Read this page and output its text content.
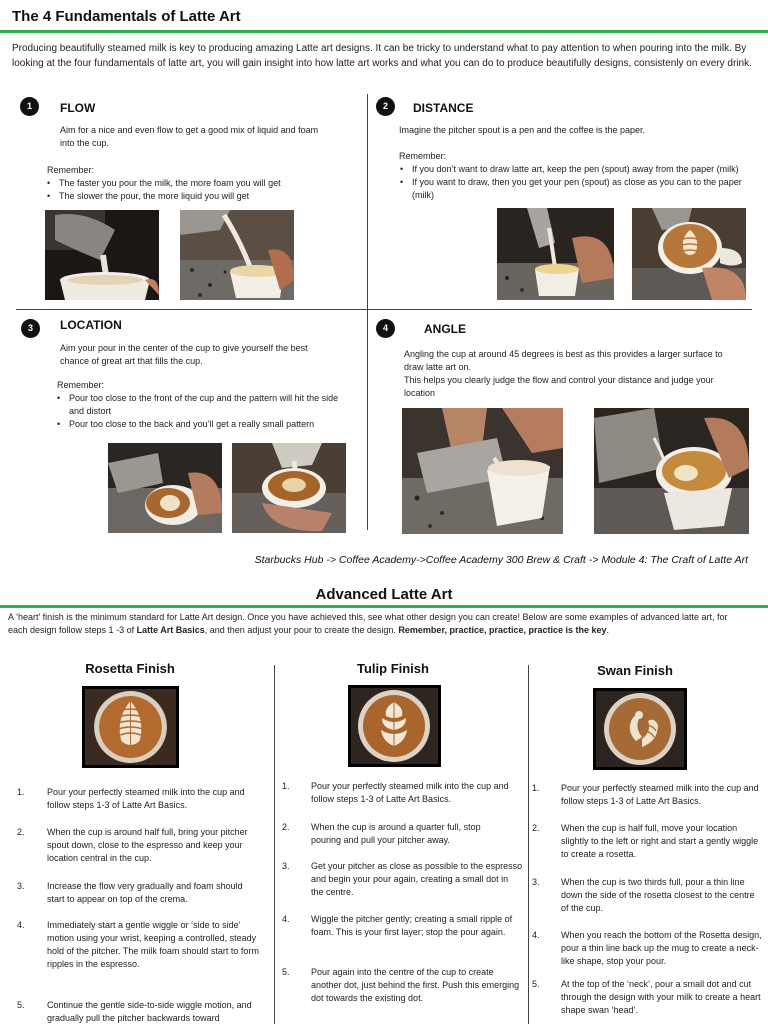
The 4 Fundamentals of Latte Art
Producing beautifully steamed milk is key to producing amazing Latte art designs. It can be tricky to understand what to pay attention to when pouring into the milk. By looking at the four fundamentals of latte art, you will gain insight into how latte art works and what you can do to produce beautifully designs, consistenly on every drink.
1	FLOW
Aim for a nice and even flow to get a good mix of liquid and foam into the cup.
Remember:
• The faster you pour the milk, the more foam you will get
• The slower the pour, the more liquid you will get
2	DISTANCE
Imagine the pitcher spout is a pen and the coffee is the paper.
Remember:
• If you don’t want to draw latte art, keep the pen (spout) away from the paper (milk)
• If you want to draw, then you get your pen (spout) as close as you can to the paper (milk)
3	LOCATION
Aim your pour in the center of the cup to give yourself the best chance of great art that fills the cup.
Remember:
• Pour too close to the front of the cup and the pattern will hit the side and distort
• Pour too close to the back and you’ll get a really small pattern
4	ANGLE
Angling the cup at around 45 degrees is best as this provides a larger surface to draw latte art on.
This helps you clearly judge the flow and control your distance and judge your location
Starbucks Hub -> Coffee Academy->Coffee Academy 300 Brew & Craft -> Module 4: The Craft of Latte Art
Advanced Latte Art
A ‘heart’ finish is the minimum standard for Latte Art design. Once you have achieved this, see what other design you can create! Below are some examples of advanced latte art, for each design follow steps 1 -3 of Latte Art Basics, and then adjust your pour to create the design. Remember, practice, practice, practice is the key.
Rosetta Finish
1. Pour your perfectly steamed milk into the cup and follow steps 1-3 of Latte Art Basics.
2. When the cup is around half full, bring your pitcher spout down, close to the espresso and keep your location central in the cup.
3. Increase the flow very gradually and foam should start to appear on top of the crema.
4. Immediately start a gentle wiggle or ‘side to side’ motion using your wrist, keeping a controlled, steady hold of the pitcher. The milk foam should start to form ripples in the espresso.
5. Continue the gentle side-to-side wiggle motion, and gradually pull the pitcher backwards toward
Tulip Finish
1. Pour your perfectly steamed milk into the cup and follow steps 1-3 of Latte Art Basics.
2. When the cup is around a quarter full, stop pouring and pull your pitcher away.
3. Get your pitcher as close as possible to the espresso and begin your pour again, creating a small dot in the centre.
4. Wiggle the pitcher gently; creating a small ripple of foam. This is your first layer; stop the pour again.
5. Pour again into the centre of the cup to create another dot, just behind the first. Push this emerging dot towards the existing dot.
Swan Finish
1. Pour your perfectly steamed milk into the cup and follow steps 1-3 of Latte Art Basics.
2. When the cup is half full, move your location slightly to the left or right and start a gently wiggle to create a rosetta.
3. When the cup is two thirds full, pour a thin line down the side of the rosetta closest to the centre of the cup.
4. When you reach the bottom of the Rosetta design, pour a thin line back up the mug to create a neck-like shape, stop your pour.
5. At the top of the ‘neck’, pour a small dot and cut through the design with your milk to create a heart shape swan ‘head’.
